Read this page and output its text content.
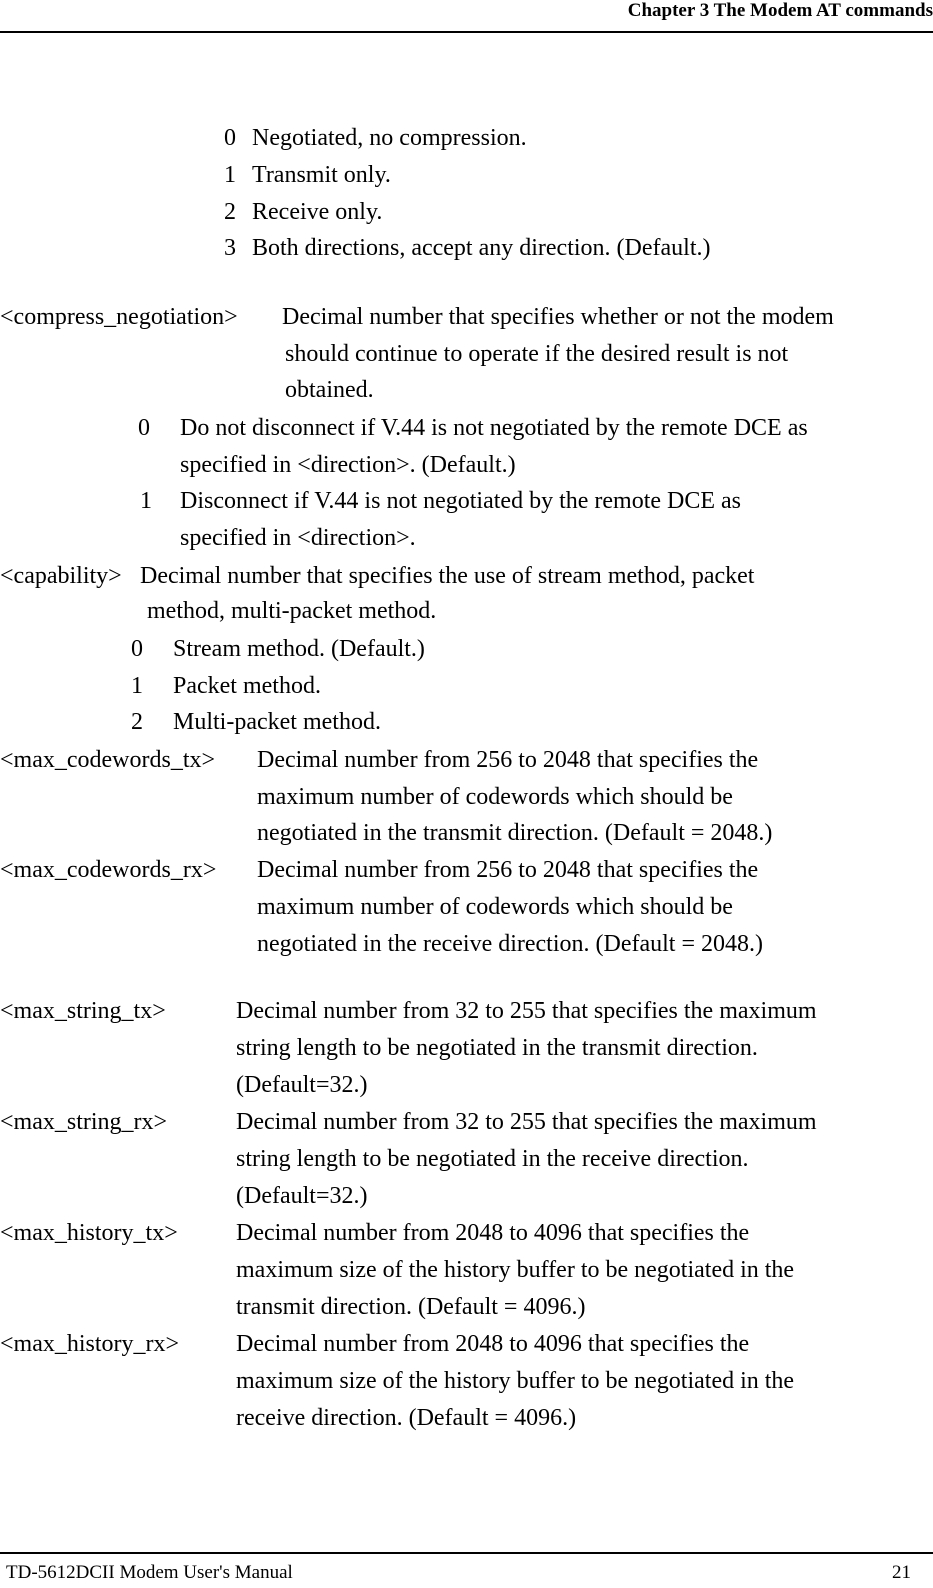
Chapter 3 The Modem AT commands
0 Negotiated, no compression.
1 Transmit only.
2 Receive only.
3 Both directions, accept any direction. (Default.)
<compress_negotiation> Decimal number that specifies whether or not the modem
should continue to operate if the desired result is not
obtained.
0 Do not disconnect if V.44 is not negotiated by the remote DCE as
specified in <direction>. (Default.)
1 Disconnect if V.44 is not negotiated by the remote DCE as
specified in <direction>.
<capability> Decimal number that specifies the use of stream method, packet
method, multi-packet method.
0 Stream method. (Default.)
1 Packet method.
2 Multi-packet method.
<max_codewords_tx> Decimal number from 256 to 2048 that specifies the
maximum number of codewords which should be
negotiated in the transmit direction. (Default = 2048.)
<max_codewords_rx> Decimal number from 256 to 2048 that specifies the
maximum number of codewords which should be
negotiated in the receive direction. (Default = 2048.)
<max_string_tx>	Decimal number from 32 to 255 that specifies the maximum
string length to be negotiated in the transmit direction.
(Default=32.)
<max_string_rx>	Decimal number from 32 to 255 that specifies the maximum
string length to be negotiated in the receive direction.
(Default=32.)
<max_history_tx> Decimal number from 2048 to 4096 that specifies the
maximum size of the history buffer to be negotiated in the
transmit direction. (Default = 4096.)
<max_history_rx> Decimal number from 2048 to 4096 that specifies the
maximum size of the history buffer to be negotiated in the
receive direction. (Default = 4096.)
TD-5612DCII Modem User's Manual	21
